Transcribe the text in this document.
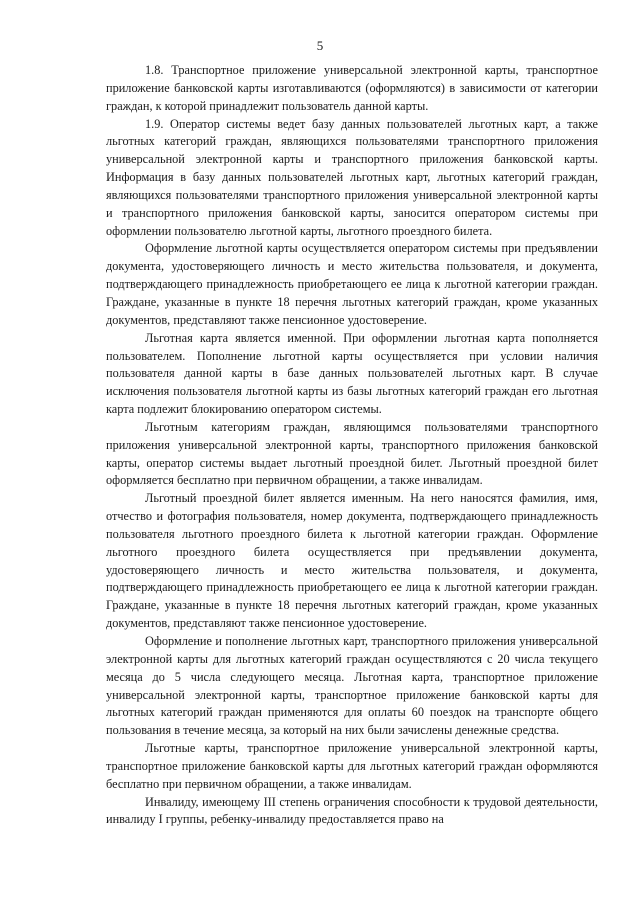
5

1.8. Транспортное приложение универсальной электронной карты, транспортное приложение банковской карты изготавливаются (оформляются) в зависимости от категории граждан, к которой принадлежит пользователь данной карты.

1.9. Оператор системы ведет базу данных пользователей льготных карт, а также льготных категорий граждан, являющихся пользователями транспортного приложения универсальной электронной карты и транспортного приложения банковской карты. Информация в базу данных пользователей льготных карт, льготных категорий граждан, являющихся пользователями транспортного приложения универсальной электронной карты и транспортного приложения банковской карты, заносится оператором системы при оформлении пользователю льготной карты, льготного проездного билета.

Оформление льготной карты осуществляется оператором системы при предъявлении документа, удостоверяющего личность и место жительства пользователя, и документа, подтверждающего принадлежность приобретающего ее лица к льготной категории граждан. Граждане, указанные в пункте 18 перечня льготных категорий граждан, кроме указанных документов, представляют также пенсионное удостоверение.

Льготная карта является именной. При оформлении льготная карта пополняется пользователем. Пополнение льготной карты осуществляется при условии наличия пользователя данной карты в базе данных пользователей льготных карт. В случае исключения пользователя льготной карты из базы льготных категорий граждан его льготная карта подлежит блокированию оператором системы.

Льготным категориям граждан, являющимся пользователями транспортного приложения универсальной электронной карты, транспортного приложения банковской карты, оператор системы выдает льготный проездной билет. Льготный проездной билет оформляется бесплатно при первичном обращении, а также инвалидам.

Льготный проездной билет является именным. На него наносятся фамилия, имя, отчество и фотография пользователя, номер документа, подтверждающего принадлежность пользователя льготного проездного билета к льготной категории граждан. Оформление льготного проездного билета осуществляется при предъявлении документа, удостоверяющего личность и место жительства пользователя, и документа, подтверждающего принадлежность приобретающего ее лица к льготной категории граждан. Граждане, указанные в пункте 18 перечня льготных категорий граждан, кроме указанных документов, представляют также пенсионное удостоверение.

Оформление и пополнение льготных карт, транспортного приложения универсальной электронной карты для льготных категорий граждан осуществляются с 20 числа текущего месяца до 5 числа следующего месяца. Льготная карта, транспортное приложение универсальной электронной карты, транспортное приложение банковской карты для льготных категорий граждан применяются для оплаты 60 поездок на транспорте общего пользования в течение месяца, за который на них были зачислены денежные средства.

Льготные карты, транспортное приложение универсальной электронной карты, транспортное приложение банковской карты для льготных категорий граждан оформляются бесплатно при первичном обращении, а также инвалидам.

Инвалиду, имеющему III степень ограничения способности к трудовой деятельности, инвалиду I группы, ребенку-инвалиду предоставляется право на
